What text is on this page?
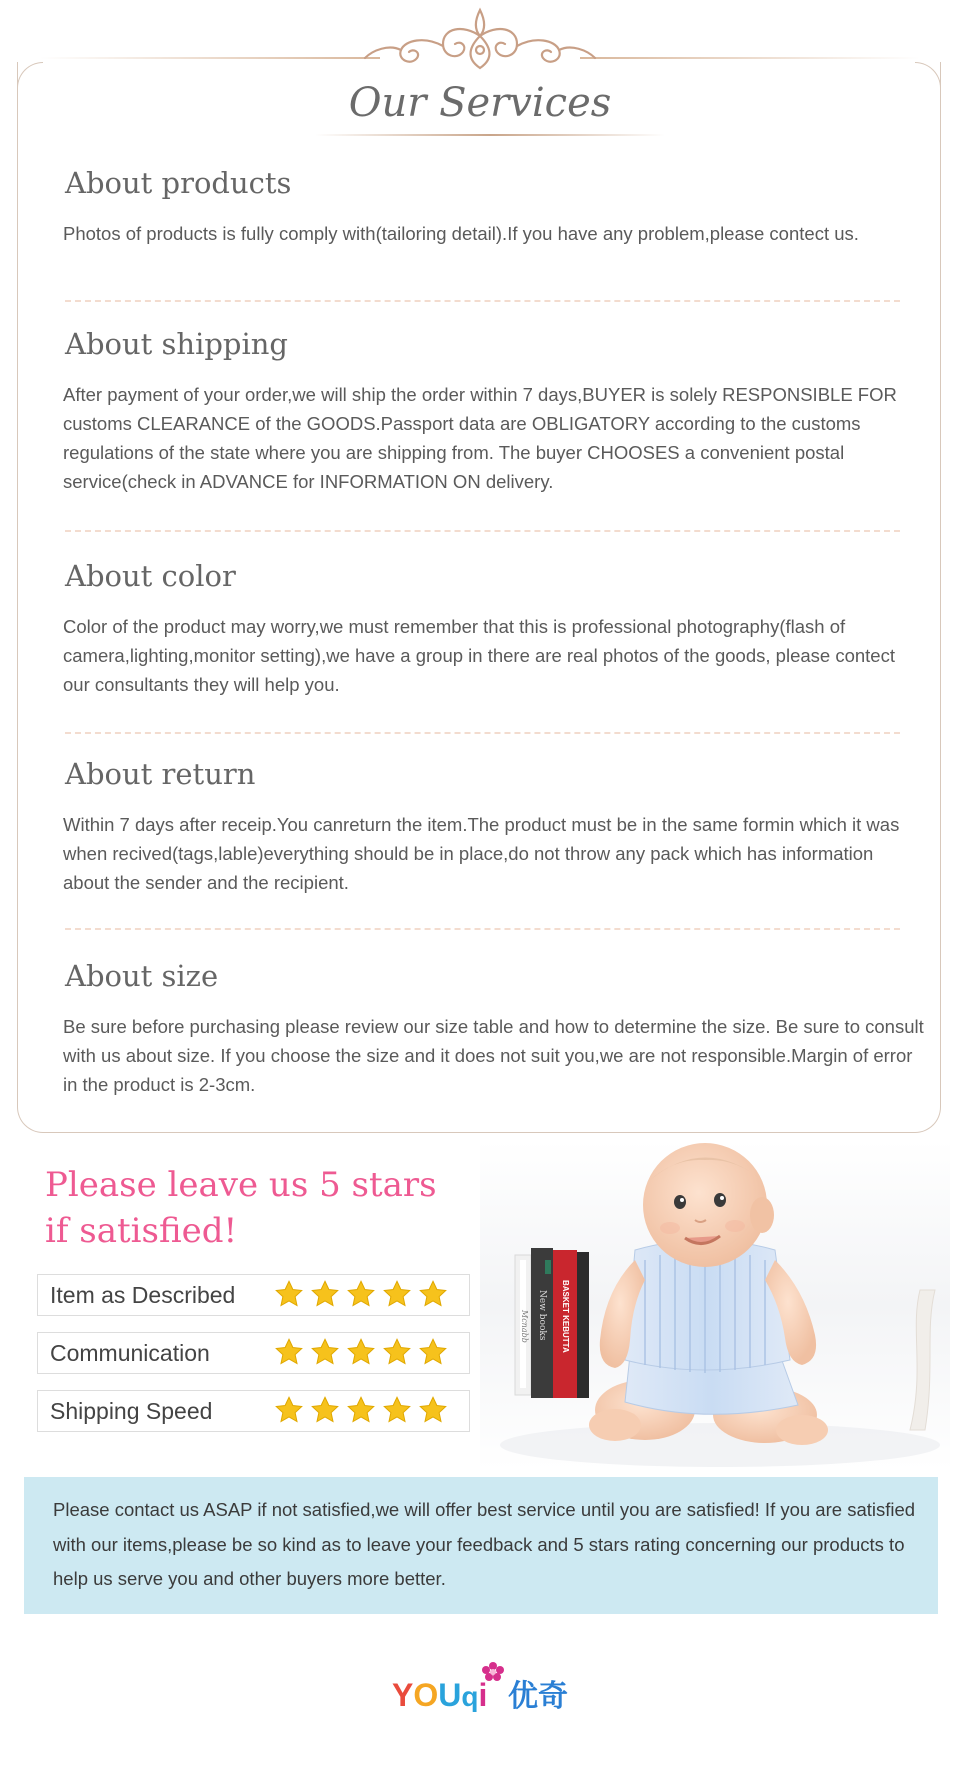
Our Services
About products

Photos of products is fully comply with(tailoring detail).If you have any problem,please contect us.

About shipping

After payment of your order,we will ship the order within 7 days,BUYER is solely RESPONSIBLE FOR customs CLEARANCE of the GOODS.Passport data are OBLIGATORY according to the customs regulations of the state where you are shipping from. The buyer CHOOSES a convenient postal service(check in ADVANCE for INFORMATION ON delivery.

About color

Color of the product may worry,we must remember that this is professional photography(flash of camera,lighting,monitor setting),we have a group in there are real photos of the goods, please contect our consultants they will help you.

About return

Within 7 days after receip.You canreturn the item.The product must be in the same formin which it was when recived(tags,lable)everything should be in place,do not throw any pack which has information about the sender and the recipient.

About size

Be sure before purchasing please review our size table and how to determine the size. Be sure to consult with us about size. If you choose the size and it does not suit you,we are not responsible.Margin of error in the product is 2-3cm.

Please leave us 5 stars
if satisfied!
Item as Described
Communication
Shipping Speed
New books BASKET KEBUTTA
Mcnabb

Please contact us ASAP if not satisfied,we will offer best service until you are satisfied! If you are satisfied with our items,please be so kind as to leave your feedback and 5 stars rating concerning our products to help us serve you and other buyers more better.

YOUqi 优奇
